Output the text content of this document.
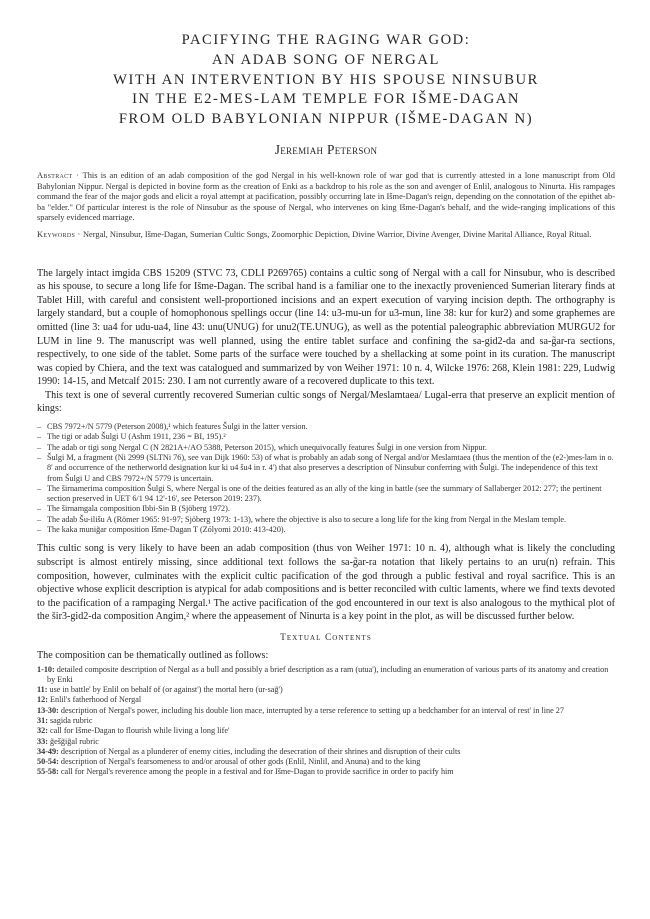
PACIFYING THE RAGING WAR GOD:
AN ADAB SONG OF NERGAL
WITH AN INTERVENTION BY HIS SPOUSE NINSUBUR
IN THE E2-MES-LAM TEMPLE FOR IŠME-DAGAN
FROM OLD BABYLONIAN NIPPUR (IŠME-DAGAN N)
Jeremiah Peterson
Abstract · This is an edition of an adab composition of the god Nergal in his well-known role of war god that is currently attested in a lone manuscript from Old Babylonian Nippur. Nergal is depicted in bovine form as the creation of Enki as a backdrop to his role as the son and avenger of Enlil, analogous to Ninurta. His rampages command the fear of the major gods and elicit a royal attempt at pacification, possibly occurring late in Išme-Dagan's reign, depending on the connotation of the epithet ab-ba "elder." Of particular interest is the role of Ninsubur as the spouse of Nergal, who intervenes on king Išme-Dagan's behalf, and the wide-ranging implications of this sparsely evidenced marriage.
Keywords · Nergal, Ninsubur, Išme-Dagan, Sumerian Cultic Songs, Zoomorphic Depiction, Divine Warrior, Divine Avenger, Divine Marital Alliance, Royal Ritual.

The largely intact imgida CBS 15209 (STVC 73, CDLI P269765) contains a cultic song of Nergal with a call for Ninsubur, who is described as his spouse, to secure a long life for Išme-Dagan. The scribal hand is a familiar one to the inexactly provenienced Sumerian literary finds at Tablet Hill, with careful and consistent well-proportioned incisions and an expert execution of varying incision depth. The orthography is largely standard, but a couple of homophonous spellings occur (line 14: u3-mu-un for u3-mun, line 38: kur for kur2) and some graphemes are omitted (line 3: ua4 for udu-ua4, line 43: unu(UNUG) for unu2(TE.UNUG), as well as the potential paleographic abbreviation MURGU2 for LUM in line 9. The manuscript was well planned, using the entire tablet surface and confining the sa-gid2-da and sa-g̃ar-ra sections, respectively, to one side of the tablet. Some parts of the surface were touched by a shellacking at some point in its curation. The manuscript was copied by Chiera, and the text was catalogued and summarized by von Weiher 1971: 10 n. 4, Wilcke 1976: 268, Klein 1981: 229, Ludwig 1990: 14-15, and Metcalf 2015: 230. I am not currently aware of a recovered duplicate to this text.

This text is one of several currently recovered Sumerian cultic songs of Nergal/Meslamtaea/ Lugal-erra that preserve an explicit mention of kings:

– CBS 7972+/N 5779 (Peterson 2008),¹ which features Šulgi in the latter version.
– The tigi or adab Šulgi U (Ashm 1911, 236 = BI, 195).²
– The adab or tigi song Nergal C (N 2821A+/AO 5388, Peterson 2015), which unequivocally features Šulgi in one version from Nippur.
– Šulgi M, a fragment (Ni 2999 (SLTNi 76), see van Dijk 1960: 53) of what is probably an adab song of Nergal and/or Meslamtaea (thus the mention of the (e2-)mes-lam in o. 8' and occurrence of the netherworld designation kur ki u4 šu4 in r. 4') that also preserves a description of Ninsubur conferring with Šulgi. The independence of this text from Šulgi U and CBS 7972+/N 5779 is uncertain.
– The širnamerima composition Šulgi S, where Nergal is one of the deities featured as an ally of the king in battle (see the summary of Sallaberger 2012: 277; the pertinent section preserved in UET 6/1 94 12'-16', see Peterson 2019: 237).
– The širnamgala composition Ibbi-Sin B (Sjöberg 1972).
– The adab Šu-ilišu A (Römer 1965: 91-97; Sjöberg 1973: 1-13), where the objective is also to secure a long life for the king from Nergal in the Meslam temple.
– The kaka munig̃ar composition Išme-Dagan T (Zólyomi 2010: 413-420).

This cultic song is very likely to have been an adab composition (thus von Weiher 1971: 10 n. 4), although what is likely the concluding subscript is almost entirely missing, since additional text follows the sa-g̃ar-ra notation that likely pertains to an uru(n) refrain. This composition, however, culminates with the explicit cultic pacification of the god through a public festival and royal sacrifice. This is an objective whose explicit description is atypical for adab compositions and is better reconciled with cultic laments, where we find texts devoted to the pacification of a rampaging Nergal.¹ The active pacification of the god encountered in our text is also analogous to the mythical plot of the šir3-gid2-da composition Angim,² where the appeasement of Ninurta is a key point in the plot, as will be discussed further below.

Textual Contents

The composition can be thematically outlined as follows:

1-10: detailed composite description of Nergal as a bull and possibly a brief description as a ram (utua'), including an enumeration of various parts of its anatomy and creation by Enki
11: use in battle' by Enlil on behalf of (or against') the mortal hero (ur-sag̃')
12: Enlil's fatherhood of Nergal
13-30: description of Nergal's power, including his double lion mace, interrupted by a terse reference to setting up a bedchamber for an interval of rest' in line 27
31: sagida rubric
32: call for Išme-Dagan to flourish while living a long life'
33: g̃ešg̃ig̃al rubric
34-49: description of Nergal as a plunderer of enemy cities, including the desecration of their shrines and disruption of their cults
50-54: description of Nergal's fearsomeness to and/or arousal of other gods (Enlil, Ninlil, and Anuna) and to the king
55-58: call for Nergal's reverence among the people in a festival and for Išme-Dagan to provide sacrifice in order to pacify him
